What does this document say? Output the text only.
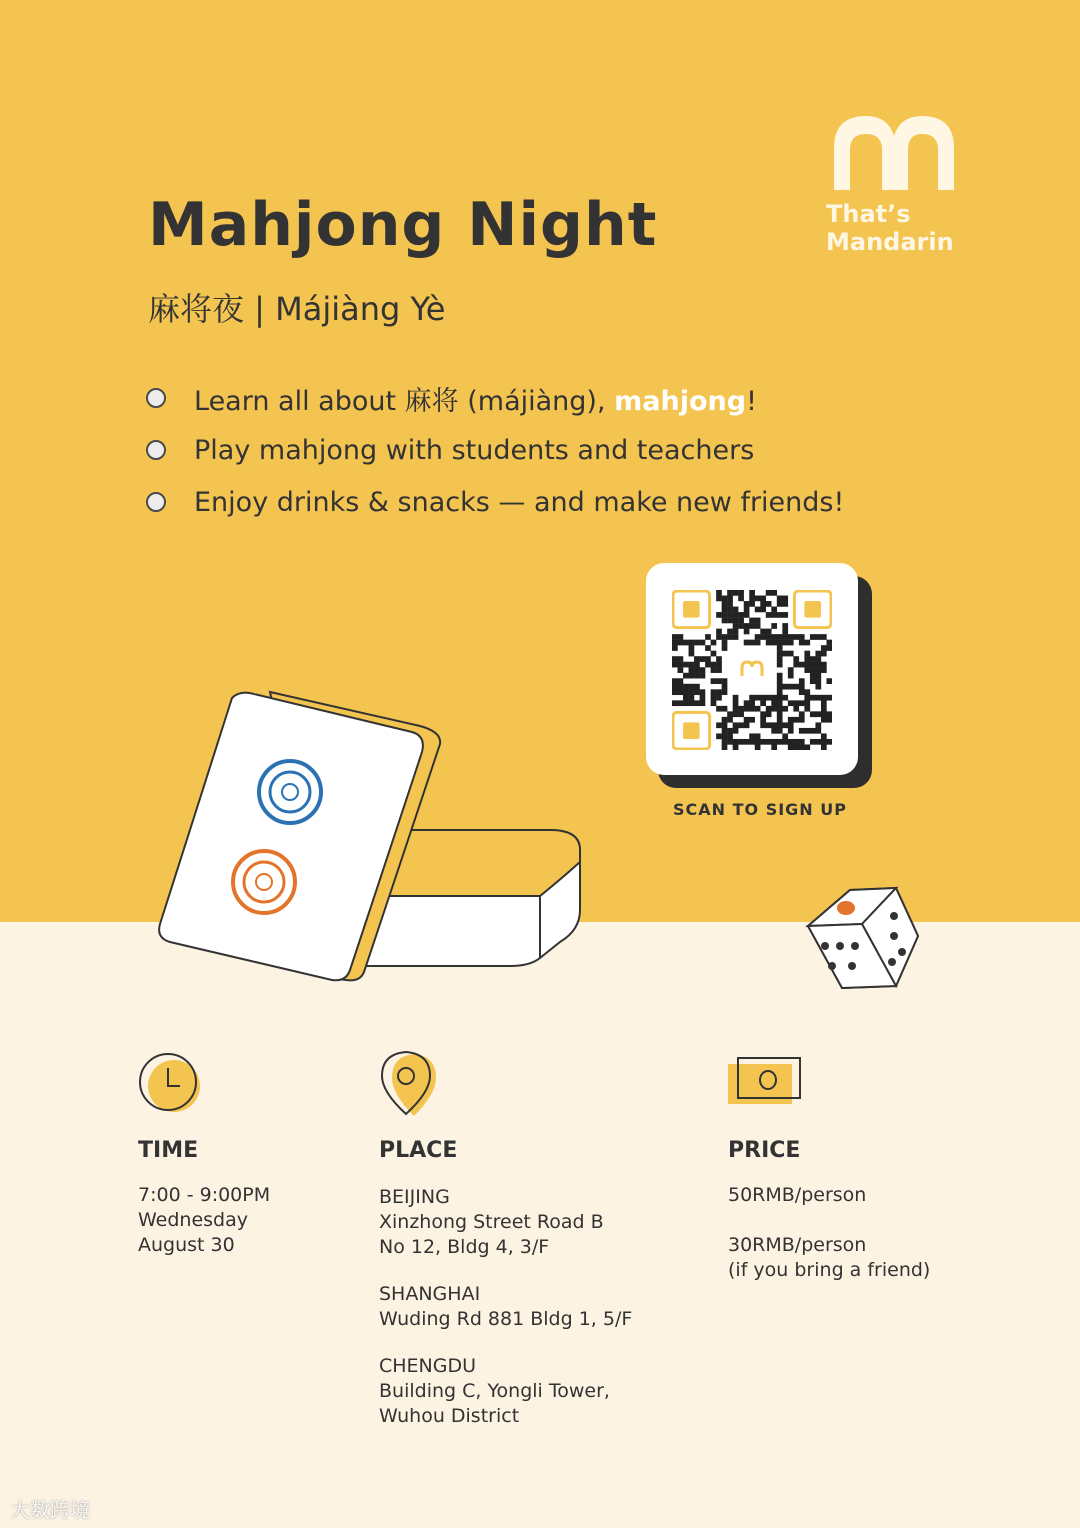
Mahjong Night
麻将夜 | Májiàng Yè
That’s
Mandarin
Learn all about 麻将 (májiàng), mahjong!
Play mahjong with students and teachers
Enjoy drinks & snacks — and make new friends!
SCAN TO SIGN UP
TIME
7:00 - 9:00PM
Wednesday
August 30
PLACE
BEIJING
Xinzhong Street Road B
No 12, Bldg 4, 3/F
SHANGHAI
Wuding Rd 881 Bldg 1, 5/F
CHENGDU
Building C, Yongli Tower,
Wuhou District
PRICE
50RMB/person
30RMB/person
(if you bring a friend)
大数跨境
